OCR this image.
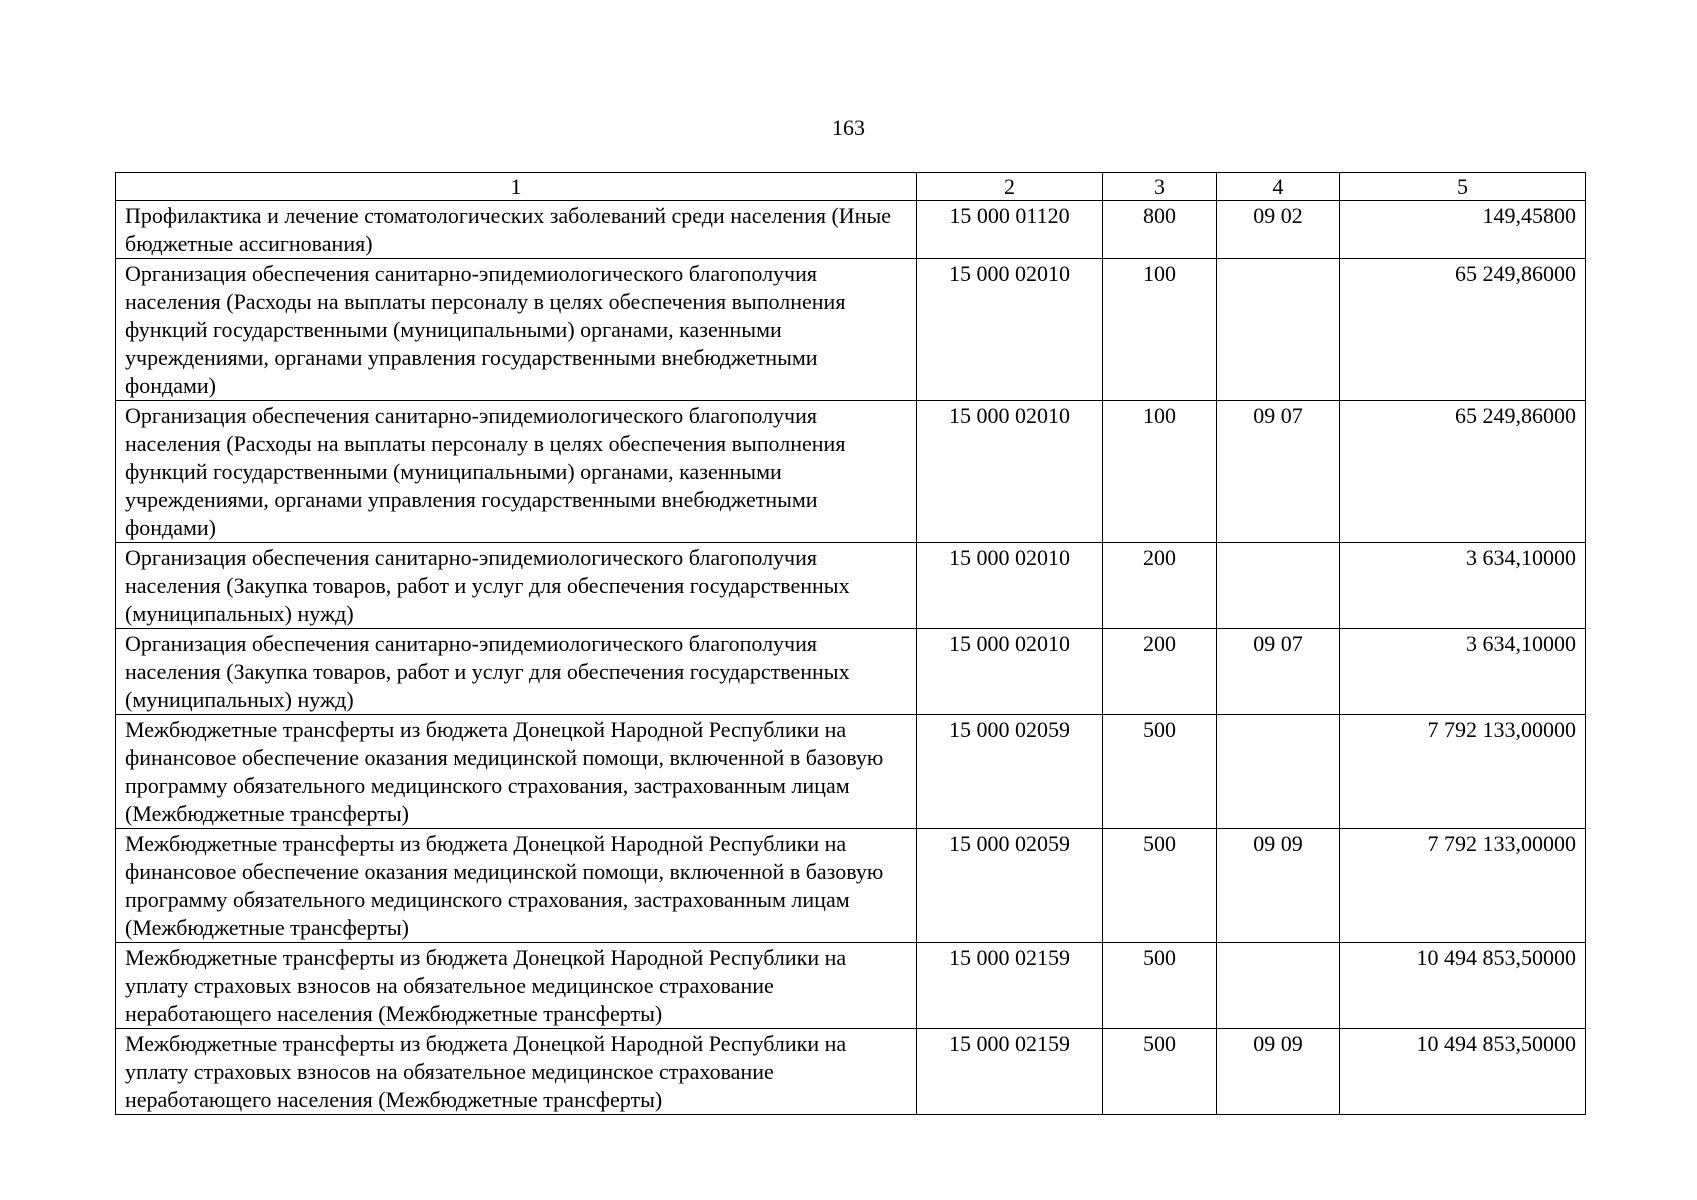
163
1	2	3	4	5
Профилактика и лечение стоматологических заболеваний среди населения (Иные бюджетные ассигнования)	15 000 01120	800	09 02	149,45800
Организация обеспечения санитарно-эпидемиологического благополучия населения (Расходы на выплаты персоналу в целях обеспечения выполнения функций государственными (муниципальными) органами, казенными учреждениями, органами управления государственными внебюджетными фондами)	15 000 02010	100		65 249,86000
Организация обеспечения санитарно-эпидемиологического благополучия населения (Расходы на выплаты персоналу в целях обеспечения выполнения функций государственными (муниципальными) органами, казенными учреждениями, органами управления государственными внебюджетными фондами)	15 000 02010	100	09 07	65 249,86000
Организация обеспечения санитарно-эпидемиологического благополучия населения (Закупка товаров, работ и услуг для обеспечения государственных (муниципальных) нужд)	15 000 02010	200		3 634,10000
Организация обеспечения санитарно-эпидемиологического благополучия населения (Закупка товаров, работ и услуг для обеспечения государственных (муниципальных) нужд)	15 000 02010	200	09 07	3 634,10000
Межбюджетные трансферты из бюджета Донецкой Народной Республики на финансовое обеспечение оказания медицинской помощи, включенной в базовую программу обязательного медицинского страхования, застрахованным лицам (Межбюджетные трансферты)	15 000 02059	500		7 792 133,00000
Межбюджетные трансферты из бюджета Донецкой Народной Республики на финансовое обеспечение оказания медицинской помощи, включенной в базовую программу обязательного медицинского страхования, застрахованным лицам (Межбюджетные трансферты)	15 000 02059	500	09 09	7 792 133,00000
Межбюджетные трансферты из бюджета Донецкой Народной Республики на уплату страховых взносов на обязательное медицинское страхование неработающего населения (Межбюджетные трансферты)	15 000 02159	500		10 494 853,50000
Межбюджетные трансферты из бюджета Донецкой Народной Республики на уплату страховых взносов на обязательное медицинское страхование неработающего населения (Межбюджетные трансферты)	15 000 02159	500	09 09	10 494 853,50000
